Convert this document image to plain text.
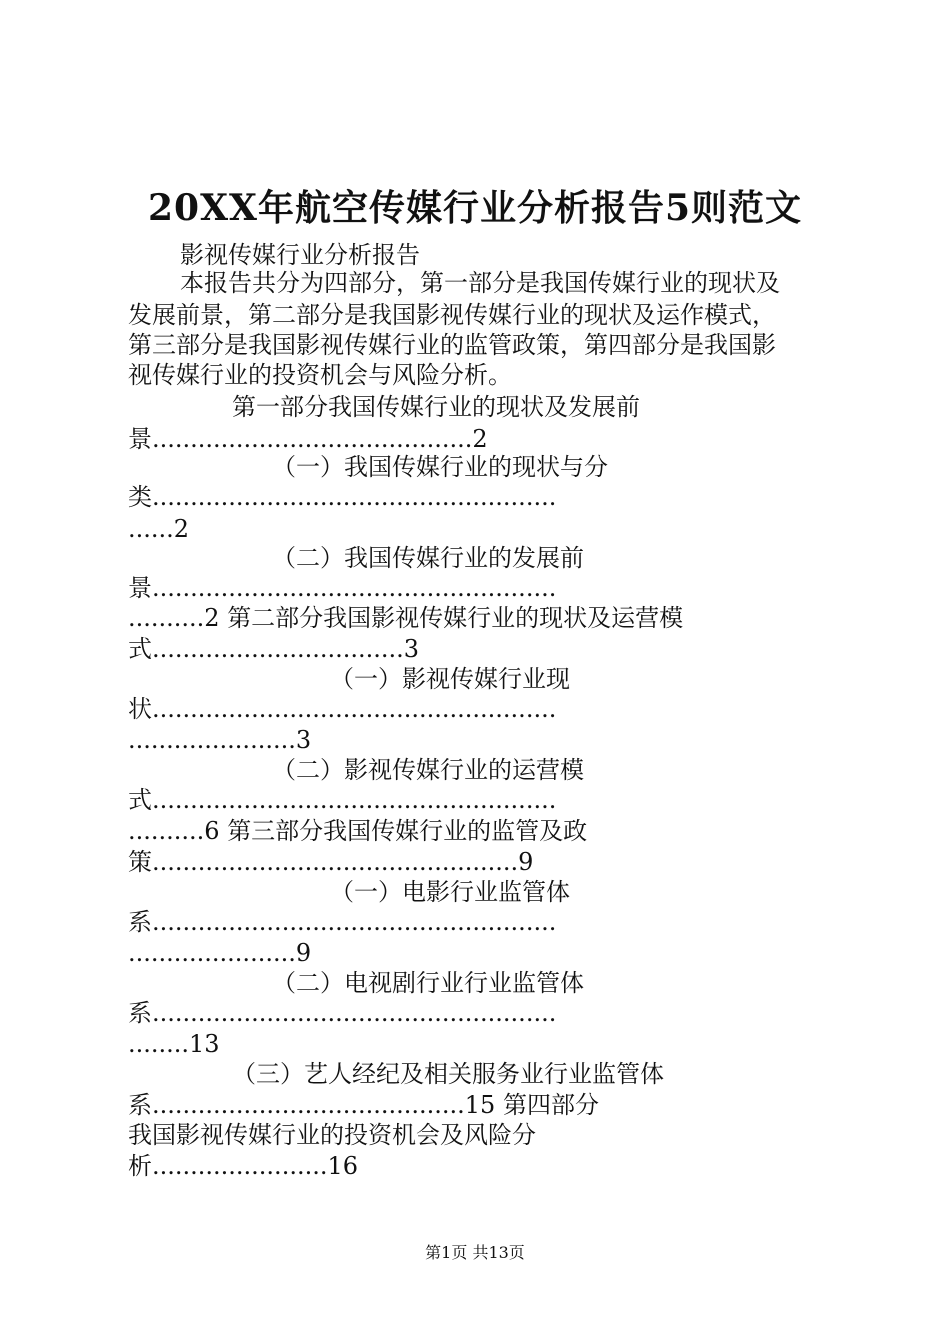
20XX年航空传媒行业分析报告5则范文
影视传媒行业分析报告
本报告共分为四部分，第一部分是我国传媒行业的现状及
发展前景，第二部分是我国影视传媒行业的现状及运作模式，
第三部分是我国影视传媒行业的监管政策，第四部分是我国影
视传媒行业的投资机会与风险分析。
第一部分我国传媒行业的现状及发展前
景..........................................2
（一）我国传媒行业的现状与分
类.....................................................
......2
（二）我国传媒行业的发展前
景.....................................................
..........2 第二部分我国影视传媒行业的现状及运营模
式.................................3
（一）影视传媒行业现
状.....................................................
......................3
（二）影视传媒行业的运营模
式.....................................................
..........6 第三部分我国传媒行业的监管及政
策................................................9
（一）电影行业监管体
系.....................................................
......................9
（二）电视剧行业行业监管体
系.....................................................
........13
（三）艺人经纪及相关服务业行业监管体
系.........................................15 第四部分
我国影视传媒行业的投资机会及风险分
析.......................16
第1页 共13页
